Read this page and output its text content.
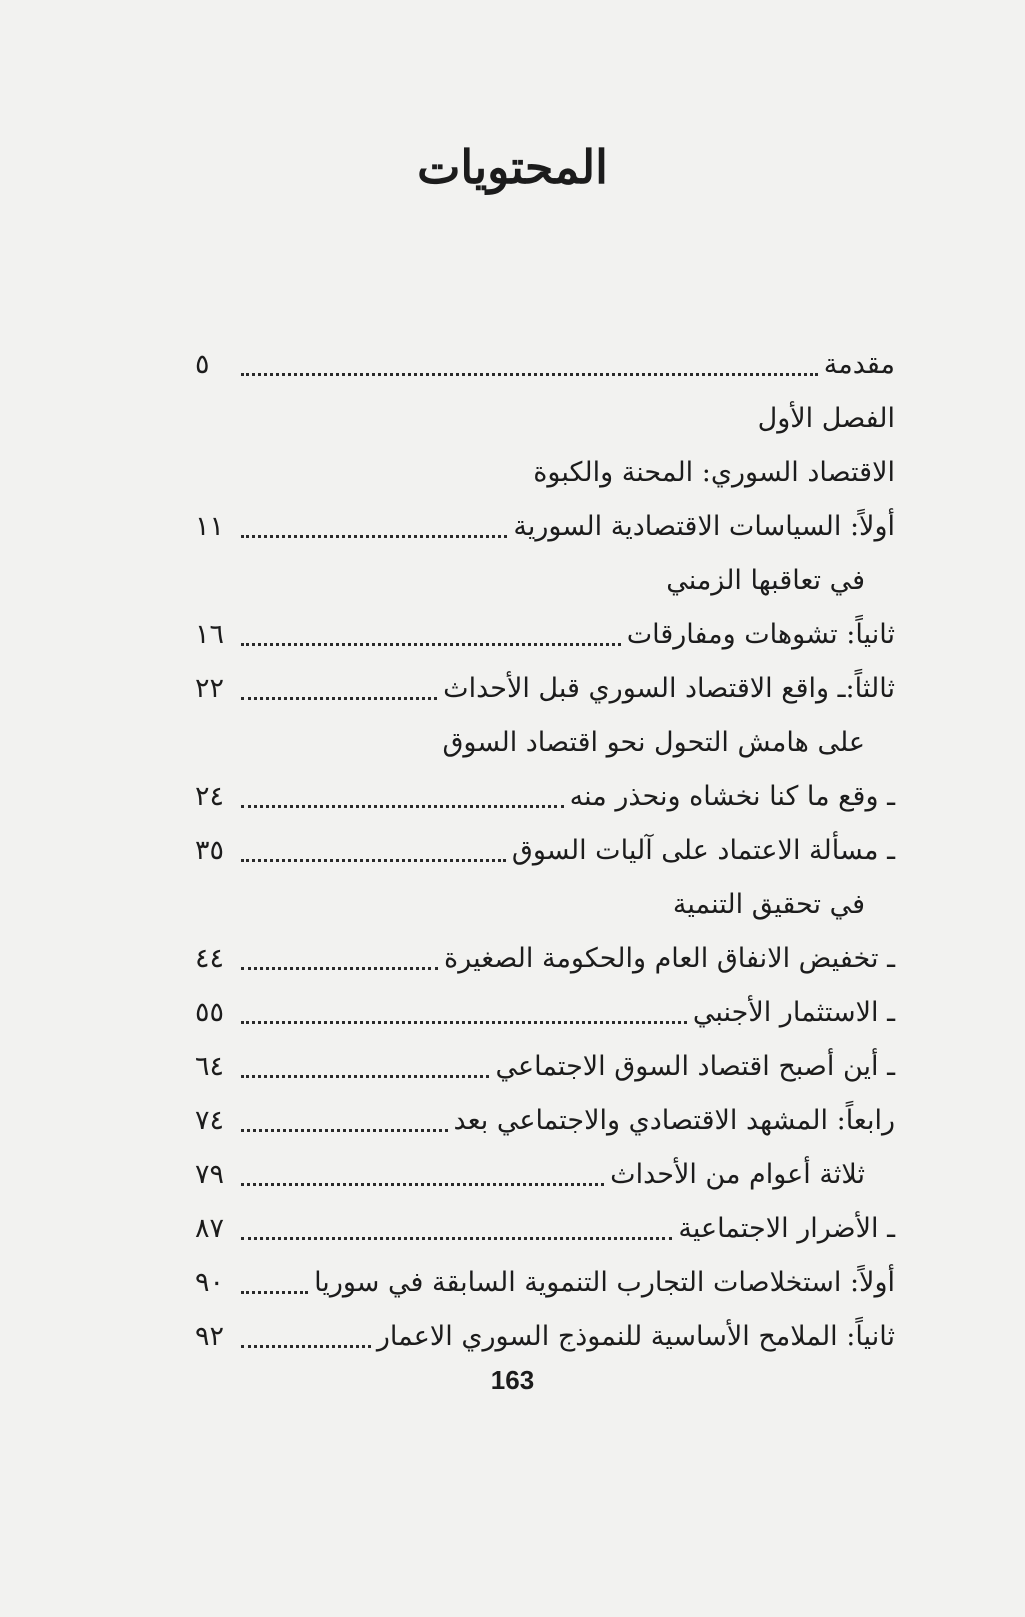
المحتويات
مقدمة
٥
الفصل الأول
الاقتصاد السوري: المحنة والكبوة
أولاً: السياسات الاقتصادية السورية
١١
في تعاقبها الزمني
ثانياً: تشوهات ومفارقات
١٦
ثالثاً:ـ واقع الاقتصاد السوري قبل الأحداث
٢٢
على هامش التحول نحو اقتصاد السوق
ـ وقع ما كنا نخشاه ونحذر منه
٢٤
ـ مسألة الاعتماد على آليات السوق
٣٥
في تحقيق التنمية
ـ تخفيض الانفاق العام والحكومة الصغيرة
٤٤
ـ الاستثمار الأجنبي
٥٥
ـ أين أصبح اقتصاد السوق الاجتماعي
٦٤
رابعاً: المشهد الاقتصادي والاجتماعي بعد
٧٤
ثلاثة أعوام من الأحداث
٧٩
ـ الأضرار الاجتماعية
٨٧
أولاً: استخلاصات التجارب التنموية السابقة في سوريا
٩٠
ثانياً: الملامح الأساسية للنموذج السوري الاعمار
٩٢
163
